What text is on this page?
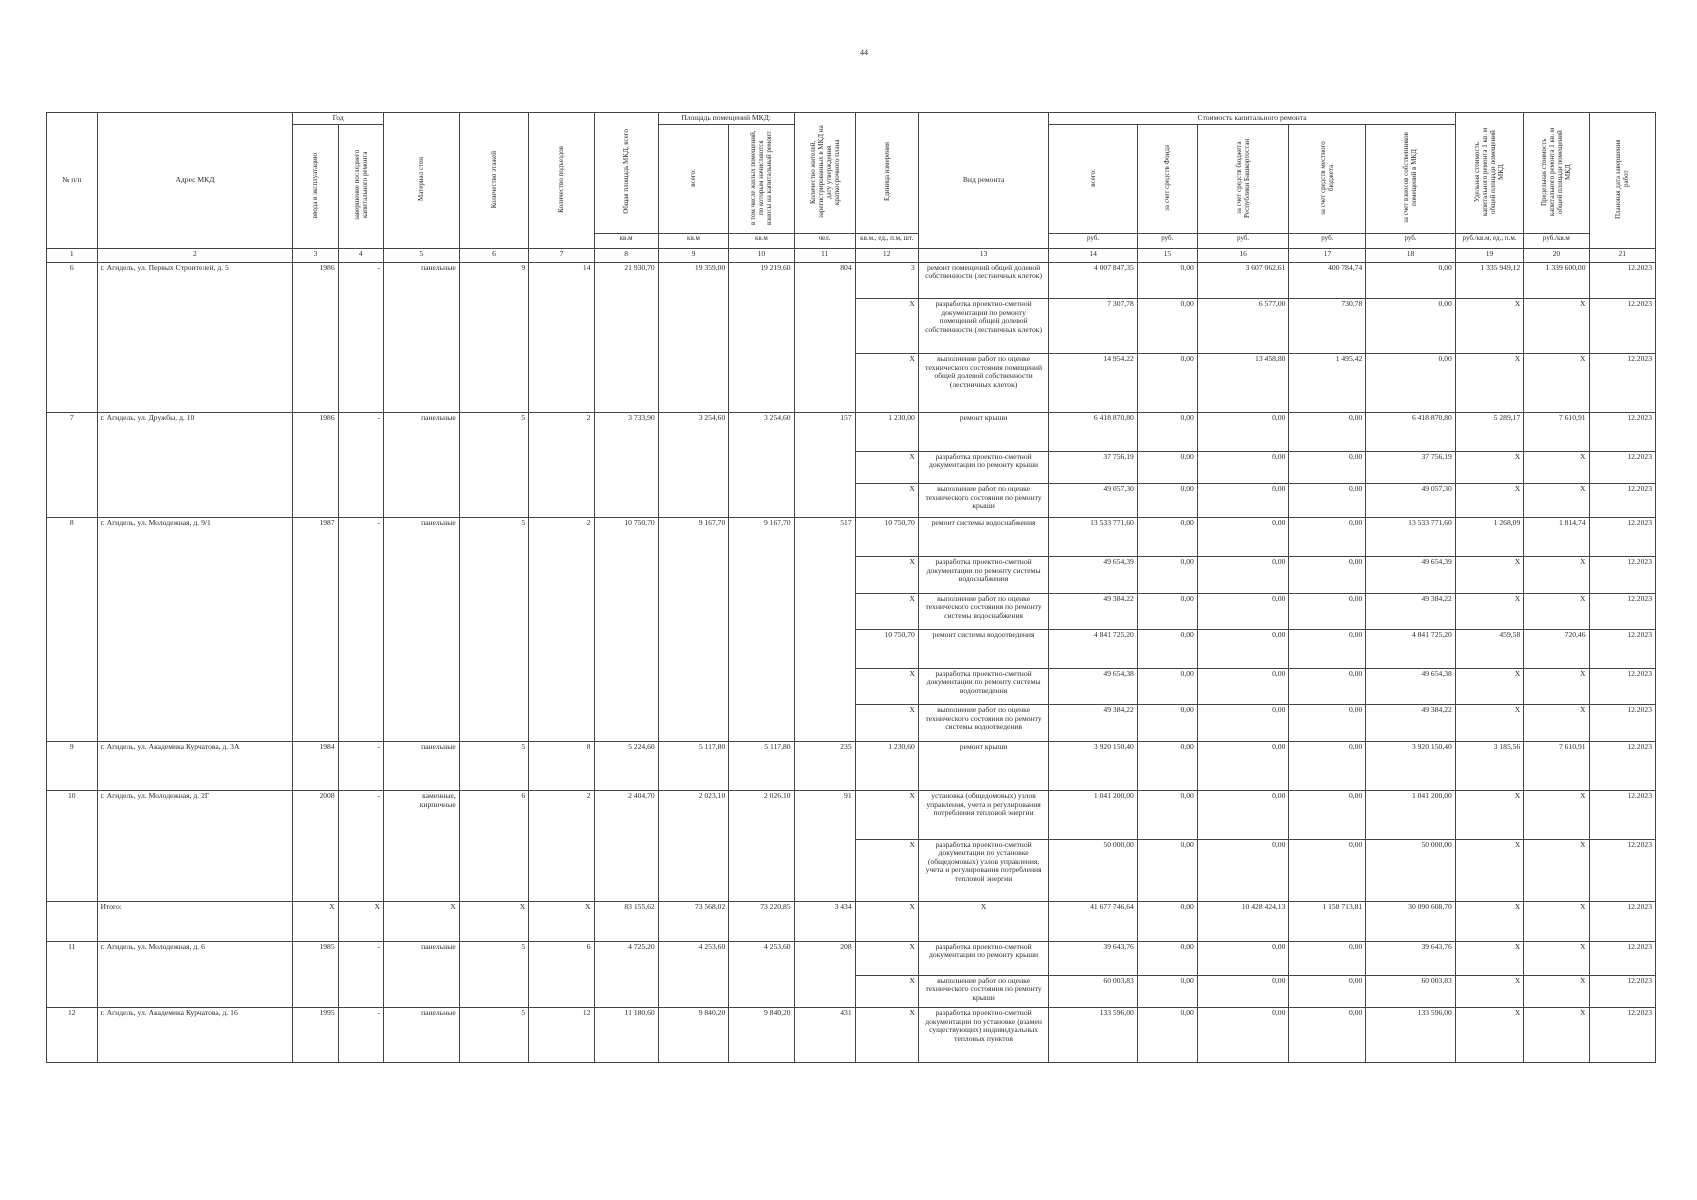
44
№ п/п	Адрес МКД	Год		Материал стен	Количество этажей	Количество подъездов	Общая площадь МКД, всего	Площадь помещений МКД:		Количество жителей, зарегистрированных в МКД на дату утверждения краткосрочного плана	Единица измерения	Вид ремонта	Стоимость капитального ремонта					Удельная стоимость капитального ремонта 1 кв. м общей площади помещений МКД	Предельная стоимость капитального ремонта 1 кв. м общей площади помещений МКД	Плановая дата завершения работ
		ввода в эксплуатацию	завершение последнего капитального ремонта					всего:	в том числе жилых помещений, по которым начисляются взносы на капитальный ремонт				всего:	за счет средств Фонда	за счет средств бюджета Республики Башкортостан	за счет средств местного бюджета	за счет взносов собственников помещений в МКД			
							кв.м	кв.м	кв.м	чел.	кв.м., ед., п.м, шт.		руб.	руб.	руб.	руб.	руб.	руб./кв.м, ед., п.м.	руб./кв.м	
1	2	3	4	5	6	7	8	9	10	11	12	13	14	15	16	17	18	19	20	21
6	г. Агидель, ул. Первых Строителей, д. 5	1986	-	панельные	9	14	21 930,70	19 359,00	19 219,60	804	3	ремонт помещений общей долевой собственности (лестничных клеток)	4 007 847,35	0,00	3 607 062,61	400 784,74	0,00	1 335 949,12	1 339 600,00	12.2023
											X	разработка проектно-сметной документации по ремонту помещений общей долевой собственности (лестничных клеток)	7 307,78	0,00	6 577,00	730,78	0,00	X	X	12.2023
											X	выполнение работ по оценке технического состояния помещений общей долевой собственности (лестничных клеток)	14 954,22	0,00	13 458,80	1 495,42	0,00	X	X	12.2023
7	г. Агидель, ул. Дружбы, д. 10	1986	-	панельные	5	2	3 733,90	3 254,60	3 254,60	157	1 230,00	ремонт крыши	6 418 870,80	0,00	0,00	0,00	6 418 870,80	5 289,17	7 610,91	12.2023
											X	разработка проектно-сметной документации по ремонту крыши	37 756,19	0,00	0,00	0,00	37 756,19	X	X	12.2023
											X	выполнение работ по оценке технического состояния по ремонту крыши	49 057,30	0,00	0,00	0,00	49 057,30	X	X	12.2023
8	г. Агидель, ул. Молодежная, д. 9/1	1987	-	панельные	5	2	10 750,70	9 167,70	9 167,70	517	10 750,70	ремонт системы водоснабжения	13 533 771,60	0,00	0,00	0,00	13 533 771,60	1 268,09	1 814,74	12.2023
											X	разработка проектно-сметной документации по ремонту системы водоснабжения	49 654,39	0,00	0,00	0,00	49 654,39	X	X	12.2023
											X	выполнение работ по оценке технического состояния по ремонту системы водоснабжения	49 384,22	0,00	0,00	0,00	49 384,22	X	X	12.2023
											10 750,70	ремонт системы водоотведения	4 841 725,20	0,00	0,00	0,00	4 841 725,20	459,58	720,46	12.2023
											X	разработка проектно-сметной документации по ремонту системы водоотведения	49 654,38	0,00	0,00	0,00	49 654,38	X	X	12.2023
											X	выполнение работ по оценке технического состояния по ремонту системы водоотведения	49 384,22	0,00	0,00	0,00	49 384,22	X	X	12.2023
9	г. Агидель, ул. Академика Курчатова, д. 3А	1984	-	панельные	5	8	5 224,60	5 117,80	5 117,80	235	1 230,60	ремонт крыши	3 920 150,40	0,00	0,00	0,00	3 920 150,40	3 185,56	7 610,91	12.2023
10	г. Агидель, ул. Молодежная, д. 2Г	2008	-	каменные, кирпичные	6	2	2 404,70	2 023,10	2 026,10	91	X	установка (общедомовых) узлов управления, учета и регулирования потребления тепловой энергии	1 041 200,00	0,00	0,00	0,00	1 041 200,00	X	X	12.2023
											X	разработка проектно-сметной документации по установке (общедомовых) узлов управления, учета и регулирования потребления тепловой энергии	50 000,00	0,00	0,00	0,00	50 000,00	X	X	12.2023
	Итого:	X	X	X	X	X	83 155,62	73 568,02	73 220,85	3 434	X	X	41 677 746,64	0,00	10 428 424,13	1 158 713,81	30 090 608,70	X	X	12.2023
11	г. Агидель, ул. Молодежная, д. 6	1985	-	панельные	5	6	4 725,20	4 253,60	4 253,60	208	X	разработка проектно-сметной документации по ремонту крыши	39 643,76	0,00	0,00	0,00	39 643,76	X	X	12.2023
											X	выполнение работ по оценке технического состояния по ремонту крыши	60 003,83	0,00	0,00	0,00	60 003,83	X	X	12.2023
12	г. Агидель, ул. Академика Курчатова, д. 16	1995	-	панельные	5	12	11 180,60	9 840,20	9 840,20	431	X	разработка проектно-сметной документации по установке (взамен существующих) индивидуальных тепловых пунктов	133 596,00	0,00	0,00	0,00	133 596,00	X	X	12.2023
